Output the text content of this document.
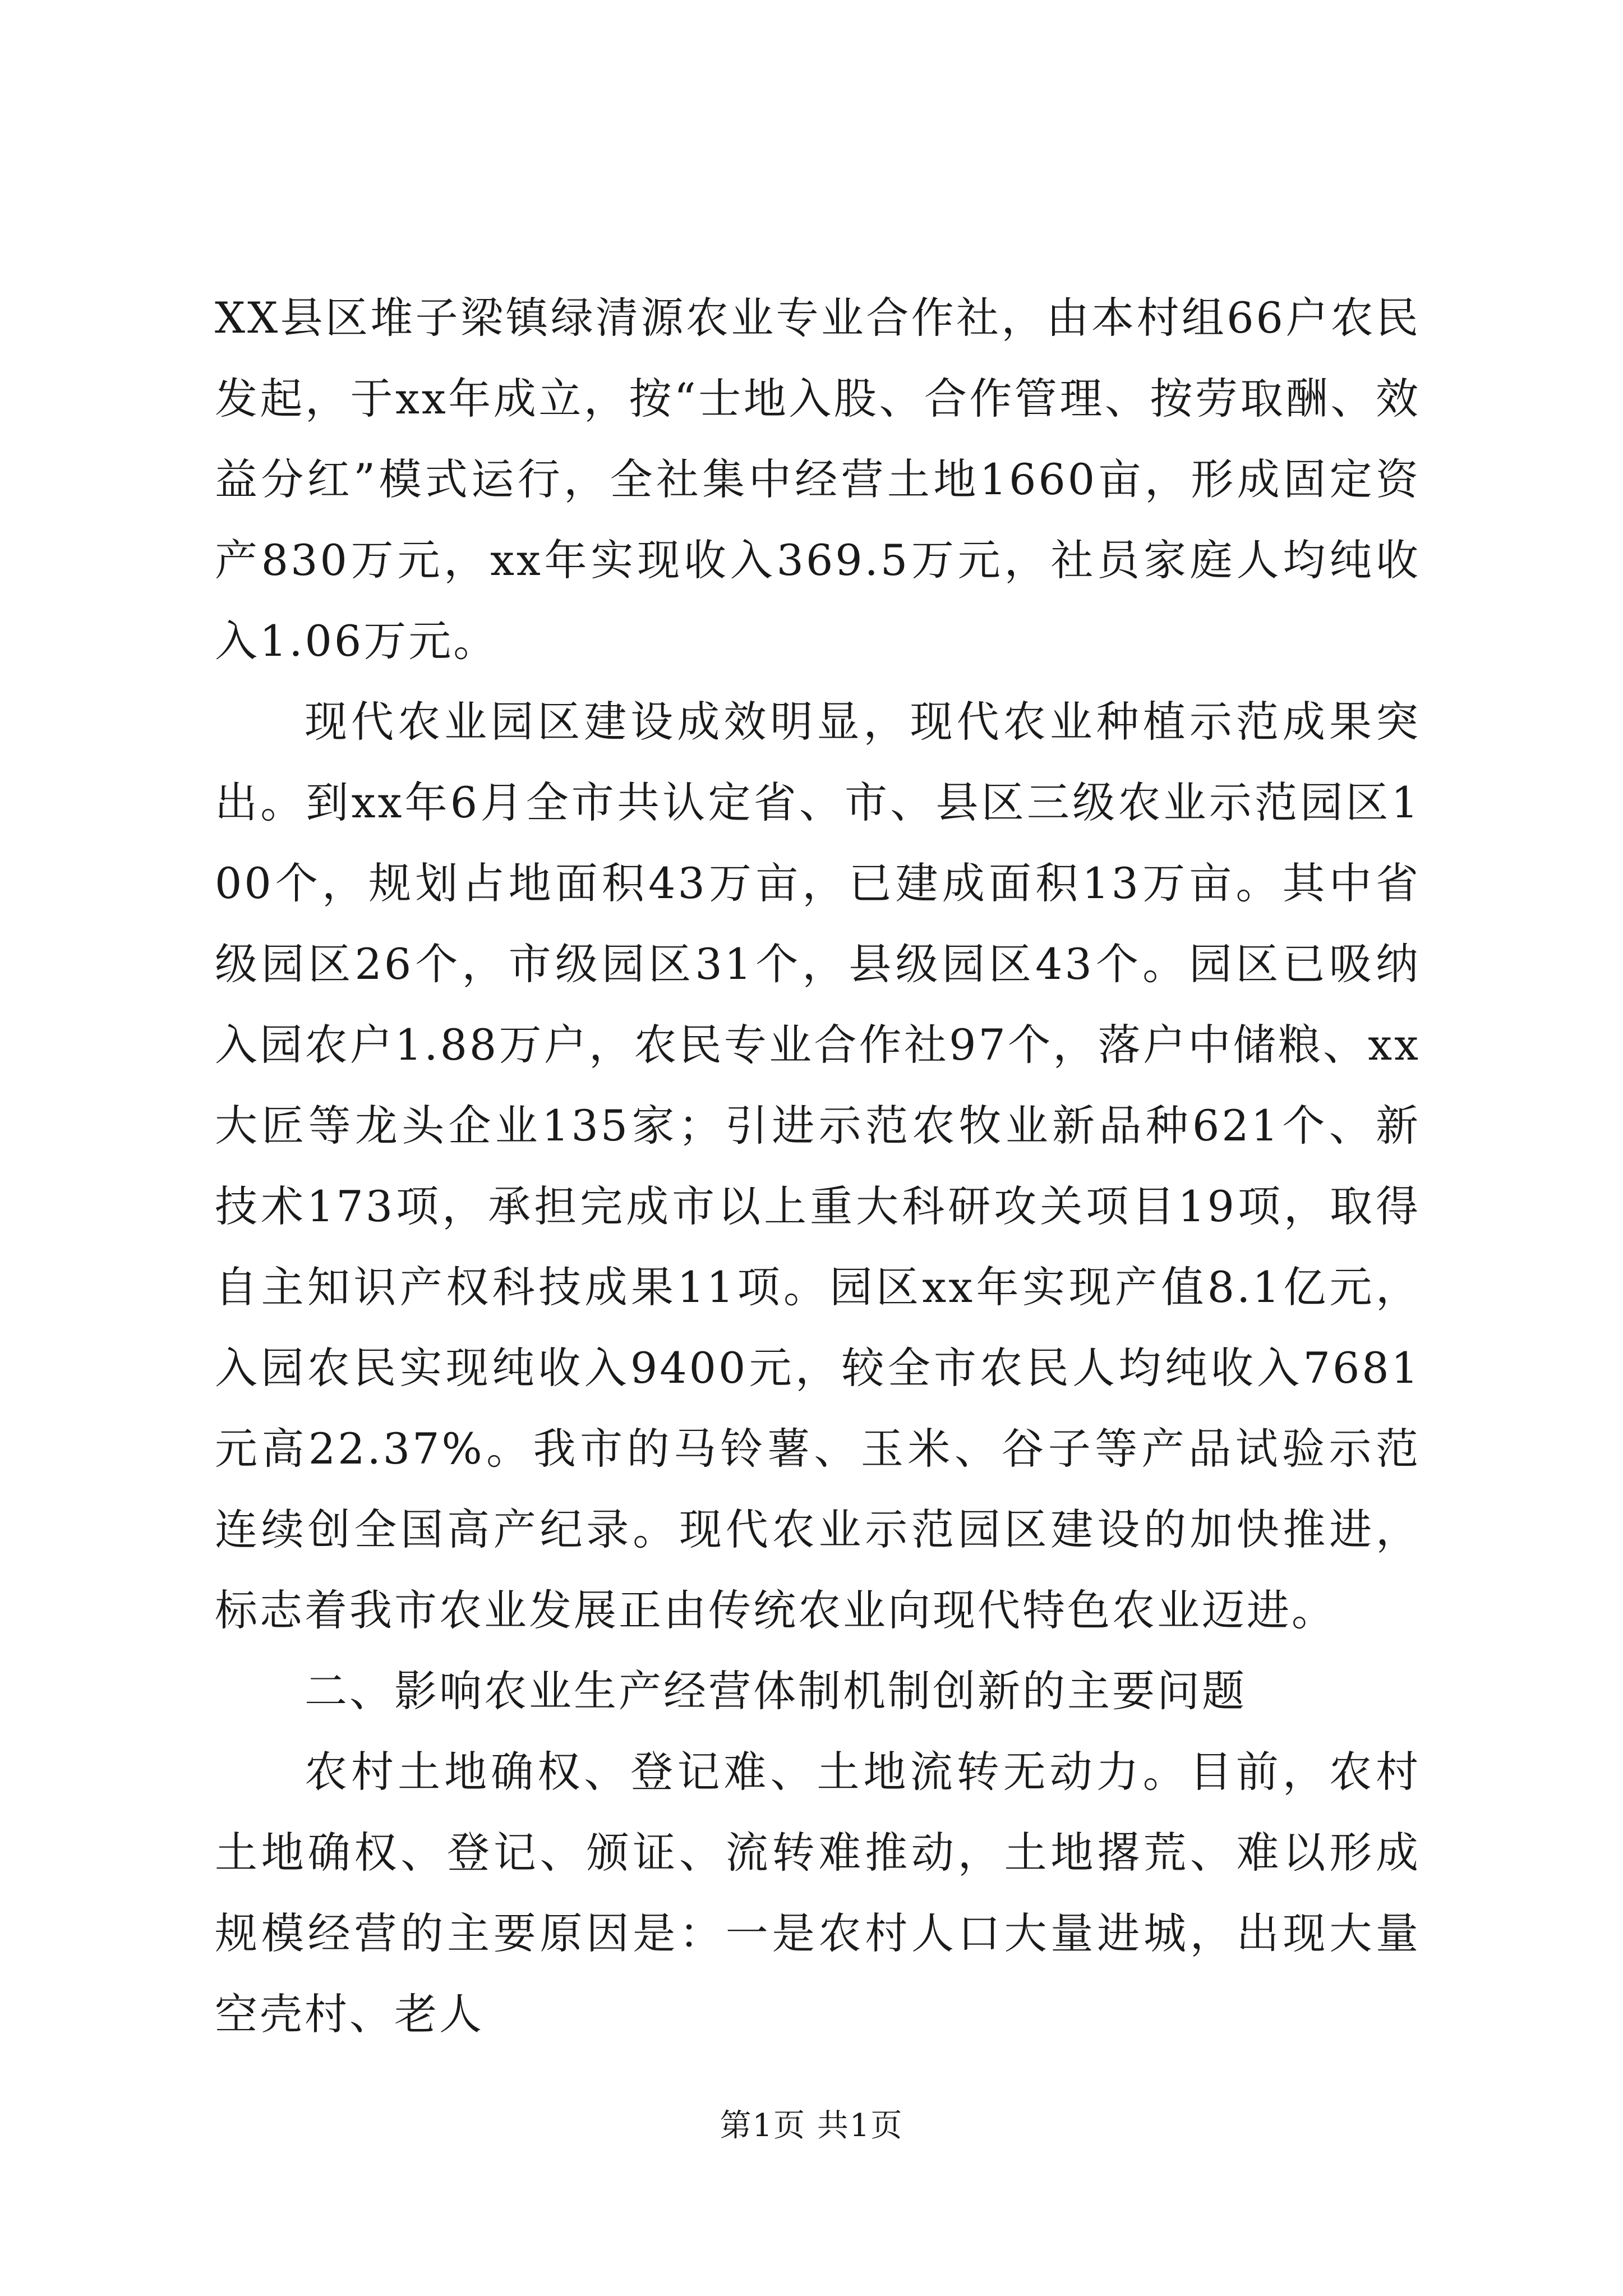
XX县区堆子梁镇绿清源农业专业合作社，由本村组66户农民发起，于xx年成立，按“士地入股、合作管理、按劳取酬、效益分红”模式运行，全社集中经营土地1660亩，形成固定资产830万元，xx年实现收入369.5万元，社员家庭人均纯收入1.06万元。

现代农业园区建设成效明显，现代农业种植示范成果突出。到xx年6月全市共认定省、市、县区三级农业示范园区100个，规划占地面积43万亩，已建成面积13万亩。其中省级园区26个，市级园区31个，县级园区43个。园区已吸纳入园农户1.88万户，农民专业合作社97个，落户中储粮、xx大匠等龙头企业135家；引进示范农牧业新品种621个、新技术173项，承担完成市以上重大科研攻关项目19项，取得自主知识产权科技成果11项。园区xx年实现产值8.1亿元，入园农民实现纯收入9400元，较全市农民人均纯收入7681元高22.37%。我市的马铃薯、玉米、谷子等产品试验示范连续创全国高产纪录。现代农业示范园区建设的加快推进，标志着我市农业发展正由传统农业向现代特色农业迈进。

二、影响农业生产经营体制机制创新的主要问题

农村土地确权、登记难、土地流转无动力。目前，农村土地确权、登记、颁证、流转难推动，土地撂荒、难以形成规模经营的主要原因是：一是农村人口大量进城，出现大量空壳村、老人

第1页 共1页
